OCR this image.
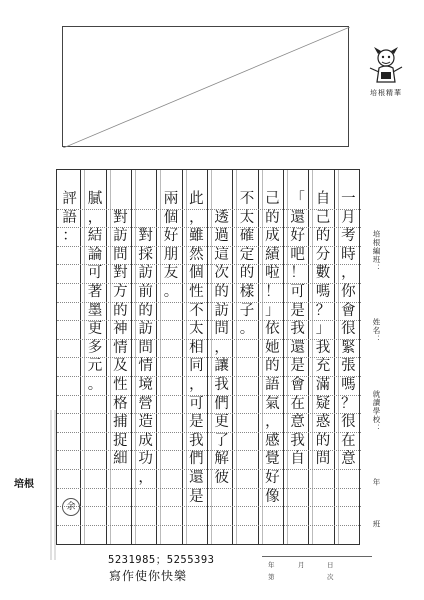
培根精華
一
月
考
時
，
你
會
很
緊
張
嗎
？
很
在
意
自
己
的
分
數
嗎
？
」
我
充
滿
疑
惑
的
問
「
還
好
吧
！
可
是
我
還
是
會
在
意
我
自
己
的
成
績
啦
！
」
依
她
的
語
氣
，
感
覺
好
像
不
太
確
定
的
樣
子
。
透
過
這
次
的
訪
問
，
讓
我
們
更
了
解
彼
此
，
雖
然
個
性
不
太
相
同
，
可
是
我
們
還
是
兩
個
好
朋
友
。
對
採
訪
前
的
訪
問
情
境
營
造
成
功
，
對
訪
問
對
方
的
神
情
及
性
格
捕
捉
細
膩
，
結
論
可
著
墨
更
多
元
。
評
語
：	培根編班：
姓名：
就讀學校：
年
班
培根
余
5231985；5255393
寫作使你快樂	第
年	月
次
日
